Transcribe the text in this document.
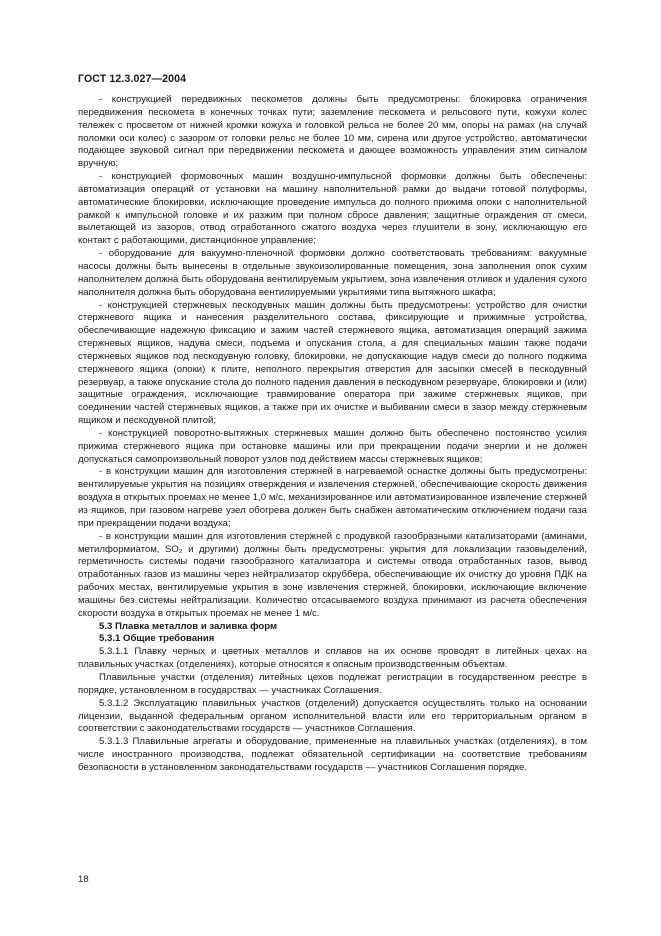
ГОСТ 12.3.027—2004

- конструкцией передвижных пескометов должны быть предусмотрены: блокировка ограничения передвижения пескомета в конечных точках пути; заземление пескомета и рельсового пути, кожухи колес тележек с просветом от нижней кромки кожуха и головкой рельса не более 20 мм, опоры на рамах (на случай поломки оси колес) с зазором от головки рельс не более 10 мм, сирена или другое устройство, автоматически подающее звуковой сигнал при передвижении пескомета и дающее возможность управления этим сигналом вручную;

- конструкцией формовочных машин воздушно-импульсной формовки должны быть обеспечены: автоматизация операций от установки на машину наполнительной рамки до выдачи готовой полуформы, автоматические блокировки, исключающие проведение импульса до полного прижима опоки с наполнительной рамкой к импульсной головке и их разжим при полном сбросе давления; защитные ограждения от смеси, вылетающей из зазоров, отвод отработанного сжатого воздуха через глушители в зону, исключающую его контакт с работающими, дистанционное управление;

- оборудование для вакуумно-пленочной формовки должно соответствовать требованиям: вакуумные насосы должны быть вынесены в отдельные звукоизолированные помещения, зона заполнения опок сухим наполнителем должна быть оборудована вентилируемым укрытием, зона извлечения отливок и удаления сухого наполнителя должна быть оборудована вентилируемыми укрытиями типа вытяжного шкафа;

- конструкцией стержневых пескодувных машин должны быть предусмотрены: устройство для очистки стержневого ящика и нанесения разделительного состава, фиксирующие и прижимные устройства, обеспечивающие надежную фиксацию и зажим частей стержневого ящика, автоматизация операций зажима стержневых ящиков, надува смеси, подъема и опускания стола, а для специальных машин также подачи стержневых ящиков под пескодувную головку, блокировки, не допускающие надув смеси до полного поджима стержневого ящика (опоки) к плите, неполного перекрытия отверстия для засыпки смесей в пескодувный резервуар, а также опускание стола до полного падения давления в пескодувном резервуаре, блокировки и (или) защитные ограждения, исключающие травмирование оператора при зажиме стержневых ящиков, при соединении частей стержневых ящиков, а также при их очистке и выбивании смеси в зазор между стержневым ящиком и пескодувной плитой;

- конструкцией поворотно-вытяжных стержневых машин должно быть обеспечено постоянство усилия прижима стержневого ящика при остановке машины или при прекращении подачи энергии и не должен допускаться самопроизвольный поворот узлов под действием массы стержневых ящиков;

- в конструкции машин для изготовления стержней в нагреваемой оснастке должны быть предусмотрены: вентилируемые укрытия на позициях отверждения и извлечения стержней, обеспечивающие скорость движения воздуха в открытых проемах не менее 1,0 м/с, механизированное или автоматизированное извлечение стержней из ящиков, при газовом нагреве узел обогрева должен быть снабжен автоматическим отключением подачи газа при прекращении подачи воздуха;

- в конструкции машин для изготовления стержней с продувкой газообразными катализаторами (аминами, метилформиатом, SO₂ и другими) должны быть предусмотрены: укрытия для локализации газовыделений, герметичность системы подачи газообразного катализатора и системы отвода отработанных газов, вывод отработанных газов из машины через нейтрализатор скруббера, обеспечивающие их очистку до уровня ПДК на рабочих местах, вентилируемые укрытия в зоне извлечения стержней, блокировки, исключающие включение машины без системы нейтрализации. Количество отсасываемого воздуха принимают из расчета обеспечения скорости воздуха в открытых проемах не менее 1 м/с.

5.3 Плавка металлов и заливка форм

5.3.1 Общие требования

5.3.1.1 Плавку черных и цветных металлов и сплавов на их основе проводят в литейных цехах на плавильных участках (отделениях), которые относятся к опасным производственным объектам.

Плавильные участки (отделения) литейных цехов подлежат регистрации в государственном реестре в порядке, установленном в государствах — участниках Соглашения.

5.3.1.2 Эксплуатацию плавильных участков (отделений) допускается осуществлять только на основании лицензии, выданной федеральным органом исполнительной власти или его территориальным органом в соответствии с законодательствами государств — участников Соглашения.

5.3.1.3 Плавильные агрегаты и оборудование, примененные на плавильных участках (отделениях), в том числе иностранного производства, подлежат обязательной сертификации на соответствие требованиям безопасности в установленном законодательствами государств — участников Соглашения порядке.

18
